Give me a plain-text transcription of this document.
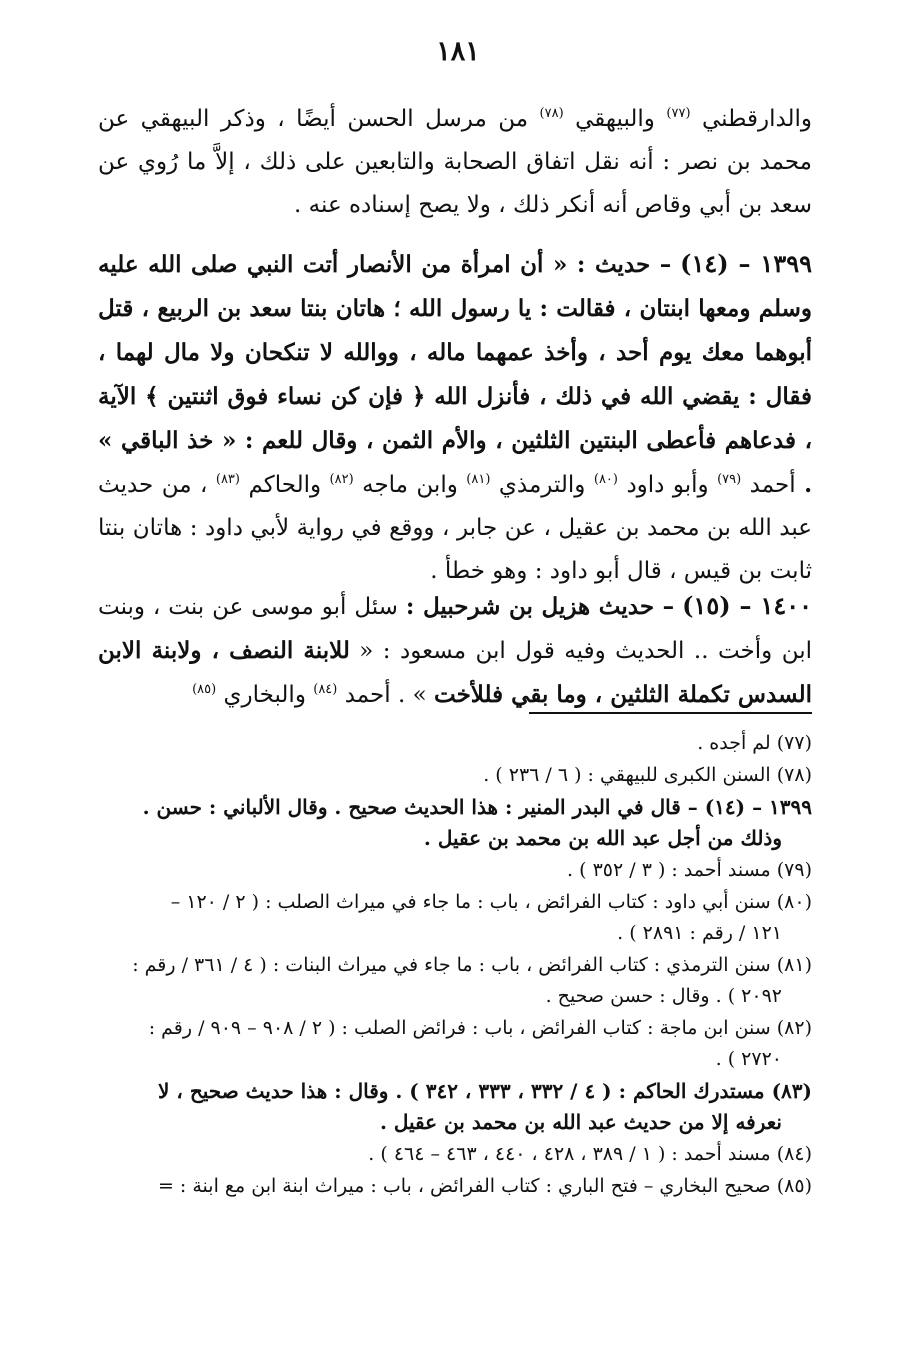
١٨١
والدارقطني $^{(٧٧)}$ والبيهقي $^{(٧٨)}$ من مرسل الحسن أيضًا ، وذكر البيهقي عن محمد بن نصر : أنه نقل اتفاق الصحابة والتابعين على ذلك ، إلاَّ ما رُوي عن سعد بن أبي وقاص أنه أنكر ذلك ، ولا يصح إسناده عنه .
١٣٩٩ – (١٤) – حديث : « أن امرأة من الأنصار أتت النبي صلى الله عليه وسلم ومعها ابنتان ، فقالت : يا رسول الله ؛ هاتان بنتا سعد بن الربيع ، قتل أبوهما معك يوم أحد ، وأخذ عمهما ماله ، ووالله لا تنكحان ولا مال لهما ، فقال : يقضي الله في ذلك ، فأنزل الله ﴿ فإن كن نساء فوق اثنتين ﴾ الآية ، فدعاهم فأعطى البنتين الثلثين ، والأم الثمن ، وقال للعم : « خذ الباقي » . أحمد $^{(٧٩)}$ وأبو داود $^{(٨٠)}$ والترمذي $^{(٨١)}$ وابن ماجه $^{(٨٢)}$ والحاكم $^{(٨٣)}$ ، من حديث عبد الله بن محمد بن عقيل ، عن جابر ، ووقع في رواية لأبي داود : هاتان بنتا ثابت بن قيس ، قال أبو داود : وهو خطأ .
١٤٠٠ – (١٥) – حديث هزيل بن شرحبيل : سئل أبو موسى عن بنت ، وبنت ابن وأخت .. الحديث وفيه قول ابن مسعود : « للابنة النصف ، ولابنة الابن السدس تكملة الثلثين ، وما بقي فللأخت » . أحمد $^{(٨٤)}$ والبخاري $^{(٨٥)}$
(٧٧) لم أجده .
(٧٨) السنن الكبرى للبيهقي : ( ٦ / ٢٣٦ ) .
١٣٩٩ – (١٤) – قال في البدر المنير : هذا الحديث صحيح . وقال الألباني : حسن .
وذلك من أجل عبد الله بن محمد بن عقيل .
(٧٩) مسند أحمد : ( ٣ / ٣٥٢ ) .
(٨٠) سنن أبي داود : كتاب الفرائض ، باب : ما جاء في ميراث الصلب : ( ٢ / ١٢٠ –
١٢١ / رقم : ٢٨٩١ ) .
(٨١) سنن الترمذي : كتاب الفرائض ، باب : ما جاء في ميراث البنات : ( ٤ / ٣٦١ / رقم :
٢٠٩٢ ) . وقال : حسن صحيح .
(٨٢) سنن ابن ماجة : كتاب الفرائض ، باب : فرائض الصلب : ( ٢ / ٩٠٨ – ٩٠٩ / رقم :
٢٧٢٠ ) .
(٨٣) مستدرك الحاكم : ( ٤ / ٣٣٢ ، ٣٣٣ ، ٣٤٢ ) . وقال : هذا حديث صحيح ، لا
نعرفه إلا من حديث عبد الله بن محمد بن عقيل .
(٨٤) مسند أحمد : ( ١ / ٣٨٩ ، ٤٢٨ ، ٤٤٠ ، ٤٦٣ – ٤٦٤ ) .
(٨٥) صحيح البخاري – فتح الباري : كتاب الفرائض ، باب : ميراث ابنة ابن مع ابنة : =
